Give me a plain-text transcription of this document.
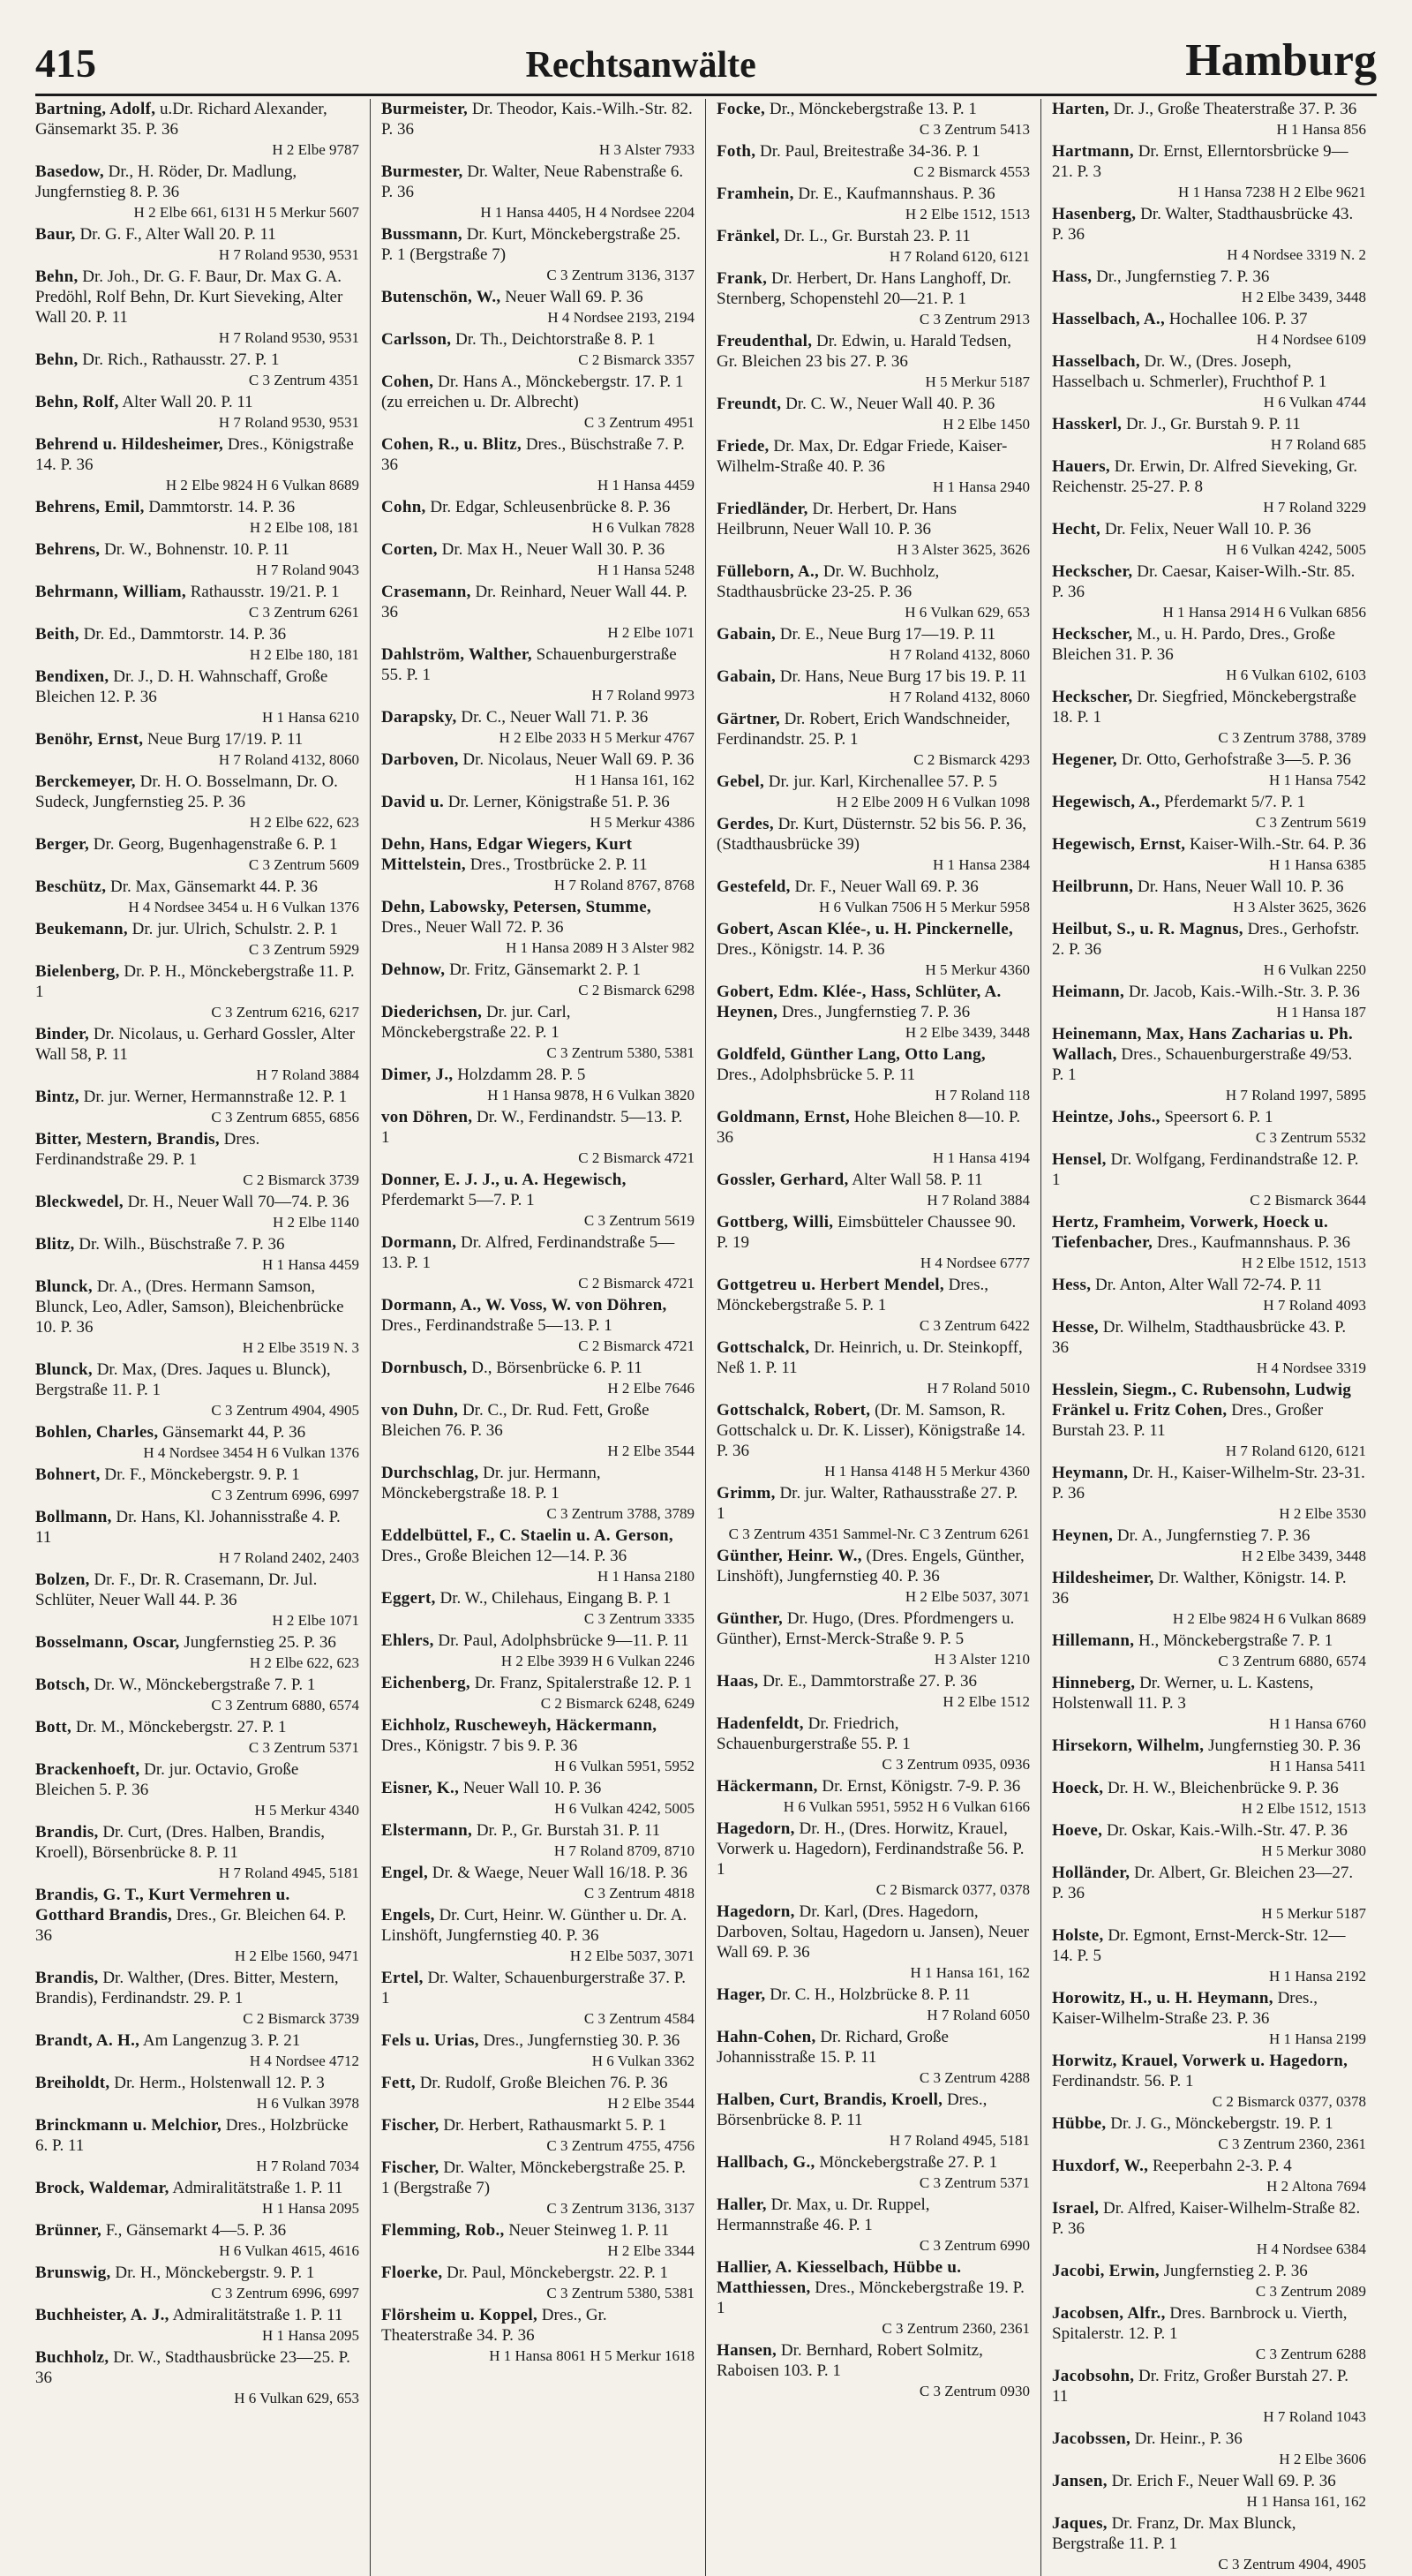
415	Rechtsanwälte	Hamburg
Bartning, Adolf, u.Dr. Richard Alexander, Gänsemarkt 35. P. 36
H 2 Elbe 9787
Basedow, Dr., H. Röder, Dr. Madlung, Jungfernstieg 8. P. 36
H 2 Elbe 661, 6131 H 5 Merkur 5607
Baur, Dr. G. F., Alter Wall 20. P. 11
H 7 Roland 9530, 9531
Behn, Dr. Joh., Dr. G. F. Baur, Dr. Max G. A. Predöhl, Rolf Behn, Dr. Kurt Sieveking, Alter Wall 20. P. 11
H 7 Roland 9530, 9531
Behn, Dr. Rich., Rathausstr. 27. P. 1
C 3 Zentrum 4351
Behn, Rolf, Alter Wall 20. P. 11
H 7 Roland 9530, 9531
Behrend u. Hildesheimer, Dres., Königstraße 14. P. 36
H 2 Elbe 9824 H 6 Vulkan 8689
Behrens, Emil, Dammtorstr. 14. P. 36
H 2 Elbe 108, 181
Behrens, Dr. W., Bohnenstr. 10. P. 11
H 7 Roland 9043
Behrmann, William, Rathausstr. 19/21. P. 1
C 3 Zentrum 6261
Beith, Dr. Ed., Dammtorstr. 14. P. 36
H 2 Elbe 180, 181
Bendixen, Dr. J., D. H. Wahnschaff, Große Bleichen 12. P. 36
H 1 Hansa 6210
Benöhr, Ernst, Neue Burg 17/19. P. 11
H 7 Roland 4132, 8060
Berckemeyer, Dr. H. O. Bosselmann, Dr. O. Sudeck, Jungfernstieg 25. P. 36
H 2 Elbe 622, 623
Berger, Dr. Georg, Bugenhagenstraße 6. P. 1
C 3 Zentrum 5609
Beschütz, Dr. Max, Gänsemarkt 44. P. 36
H 4 Nordsee 3454 u. H 6 Vulkan 1376
Beukemann, Dr. jur. Ulrich, Schulstr. 2. P. 1
C 3 Zentrum 5929
Bielenberg, Dr. P. H., Mönckebergstraße 11. P. 1
C 3 Zentrum 6216, 6217
Binder, Dr. Nicolaus, u. Gerhard Gossler, Alter Wall 58, P. 11
H 7 Roland 3884
Bintz, Dr. jur. Werner, Hermannstraße 12. P. 1
C 3 Zentrum 6855, 6856
Bitter, Mestern, Brandis, Dres. Ferdinandstraße 29. P. 1
C 2 Bismarck 3739
Bleckwedel, Dr. H., Neuer Wall 70—74. P. 36
H 2 Elbe 1140
Blitz, Dr. Wilh., Büschstraße 7. P. 36
H 1 Hansa 4459
Blunck, Dr. A., (Dres. Hermann Samson, Blunck, Leo, Adler, Samson), Bleichenbrücke 10. P. 36
H 2 Elbe 3519 N. 3
Blunck, Dr. Max, (Dres. Jaques u. Blunck), Bergstraße 11. P. 1
C 3 Zentrum 4904, 4905
Bohlen, Charles, Gänsemarkt 44, P. 36
H 4 Nordsee 3454 H 6 Vulkan 1376
Bohnert, Dr. F., Mönckebergstr. 9. P. 1
C 3 Zentrum 6996, 6997
Bollmann, Dr. Hans, Kl. Johannisstraße 4. P. 11
H 7 Roland 2402, 2403
Bolzen, Dr. F., Dr. R. Crasemann, Dr. Jul. Schlüter, Neuer Wall 44. P. 36
H 2 Elbe 1071
Bosselmann, Oscar, Jungfernstieg 25. P. 36
H 2 Elbe 622, 623
Botsch, Dr. W., Mönckebergstraße 7. P. 1
C 3 Zentrum 6880, 6574
Bott, Dr. M., Mönckebergstr. 27. P. 1
C 3 Zentrum 5371
Brackenhoeft, Dr. jur. Octavio, Große Bleichen 5. P. 36
H 5 Merkur 4340
Brandis, Dr. Curt, (Dres. Halben, Brandis, Kroell), Börsenbrücke 8. P. 11
H 7 Roland 4945, 5181
Brandis, G. T., Kurt Vermehren u. Gotthard Brandis, Dres., Gr. Bleichen 64. P. 36
H 2 Elbe 1560, 9471
Brandis, Dr. Walther, (Dres. Bitter, Mestern, Brandis), Ferdinandstr. 29. P. 1
C 2 Bismarck 3739
Brandt, A. H., Am Langenzug 3. P. 21
H 4 Nordsee 4712
Breiholdt, Dr. Herm., Holstenwall 12. P. 3
H 6 Vulkan 3978
Brinckmann u. Melchior, Dres., Holzbrücke 6. P. 11
H 7 Roland 7034
Brock, Waldemar, Admiralitätstraße 1. P. 11
H 1 Hansa 2095
Brünner, F., Gänsemarkt 4—5. P. 36
H 6 Vulkan 4615, 4616
Brunswig, Dr. H., Mönckebergstr. 9. P. 1
C 3 Zentrum 6996, 6997
Buchheister, A. J., Admiralitätstraße 1. P. 11
H 1 Hansa 2095
Buchholz, Dr. W., Stadthausbrücke 23—25. P. 36
H 6 Vulkan 629, 653
Burmeister, Dr. Theodor, Kais.-Wilh.-Str. 82. P. 36
H 3 Alster 7933
Burmester, Dr. Walter, Neue Rabenstraße 6. P. 36
H 1 Hansa 4405, H 4 Nordsee 2204
Bussmann, Dr. Kurt, Mönckebergstraße 25. P. 1 (Bergstraße 7)
C 3 Zentrum 3136, 3137
Butenschön, W., Neuer Wall 69. P. 36
H 4 Nordsee 2193, 2194
Carlsson, Dr. Th., Deichtorstraße 8. P. 1
C 2 Bismarck 3357
Cohen, Dr. Hans A., Mönckebergstr. 17. P. 1 (zu erreichen u. Dr. Albrecht)
C 3 Zentrum 4951
Cohen, R., u. Blitz, Dres., Büschstraße 7. P. 36
H 1 Hansa 4459
Cohn, Dr. Edgar, Schleusenbrücke 8. P. 36
H 6 Vulkan 7828
Corten, Dr. Max H., Neuer Wall 30. P. 36
H 1 Hansa 5248
Crasemann, Dr. Reinhard, Neuer Wall 44. P. 36
H 2 Elbe 1071
Dahlström, Walther, Schauenburgerstraße 55. P. 1
H 7 Roland 9973
Darapsky, Dr. C., Neuer Wall 71. P. 36
H 2 Elbe 2033 H 5 Merkur 4767
Darboven, Dr. Nicolaus, Neuer Wall 69. P. 36
H 1 Hansa 161, 162
David u. Dr. Lerner, Königstraße 51. P. 36
H 5 Merkur 4386
Dehn, Hans, Edgar Wiegers, Kurt Mittelstein, Dres., Trostbrücke 2. P. 11
H 7 Roland 8767, 8768
Dehn, Labowsky, Petersen, Stumme, Dres., Neuer Wall 72. P. 36
H 1 Hansa 2089 H 3 Alster 982
Dehnow, Dr. Fritz, Gänsemarkt 2. P. 1
C 2 Bismarck 6298
Diederichsen, Dr. jur. Carl, Mönckebergstraße 22. P. 1
C 3 Zentrum 5380, 5381
Dimer, J., Holzdamm 28. P. 5
H 1 Hansa 9878, H 6 Vulkan 3820
von Döhren, Dr. W., Ferdinandstr. 5—13. P. 1
C 2 Bismarck 4721
Donner, E. J. J., u. A. Hegewisch, Pferdemarkt 5—7. P. 1
C 3 Zentrum 5619
Dormann, Dr. Alfred, Ferdinandstraße 5—13. P. 1
C 2 Bismarck 4721
Dormann, A., W. Voss, W. von Döhren, Dres., Ferdinandstraße 5—13. P. 1
C 2 Bismarck 4721
Dornbusch, D., Börsenbrücke 6. P. 11
H 2 Elbe 7646
von Duhn, Dr. C., Dr. Rud. Fett, Große Bleichen 76. P. 36
H 2 Elbe 3544
Durchschlag, Dr. jur. Hermann, Mönckebergstraße 18. P. 1
C 3 Zentrum 3788, 3789
Eddelbüttel, F., C. Staelin u. A. Gerson, Dres., Große Bleichen 12—14. P. 36
H 1 Hansa 2180
Eggert, Dr. W., Chilehaus, Eingang B. P. 1
C 3 Zentrum 3335
Ehlers, Dr. Paul, Adolphsbrücke 9—11. P. 11
H 2 Elbe 3939 H 6 Vulkan 2246
Eichenberg, Dr. Franz, Spitalerstraße 12. P. 1
C 2 Bismarck 6248, 6249
Eichholz, Ruscheweyh, Häckermann, Dres., Königstr. 7 bis 9. P. 36
H 6 Vulkan 5951, 5952
Eisner, K., Neuer Wall 10. P. 36
H 6 Vulkan 4242, 5005
Elstermann, Dr. P., Gr. Burstah 31. P. 11
H 7 Roland 8709, 8710
Engel, Dr. & Waege, Neuer Wall 16/18. P. 36
C 3 Zentrum 4818
Engels, Dr. Curt, Heinr. W. Günther u. Dr. A. Linshöft, Jungfernstieg 40. P. 36
H 2 Elbe 5037, 3071
Ertel, Dr. Walter, Schauenburgerstraße 37. P. 1
C 3 Zentrum 4584
Fels u. Urias, Dres., Jungfernstieg 30. P. 36
H 6 Vulkan 3362
Fett, Dr. Rudolf, Große Bleichen 76. P. 36
H 2 Elbe 3544
Fischer, Dr. Herbert, Rathausmarkt 5. P. 1
C 3 Zentrum 4755, 4756
Fischer, Dr. Walter, Mönckebergstraße 25. P. 1 (Bergstraße 7)
C 3 Zentrum 3136, 3137
Flemming, Rob., Neuer Steinweg 1. P. 11
H 2 Elbe 3344
Floerke, Dr. Paul, Mönckebergstr. 22. P. 1
C 3 Zentrum 5380, 5381
Flörsheim u. Koppel, Dres., Gr. Theaterstraße 34. P. 36
H 1 Hansa 8061 H 5 Merkur 1618
Focke, Dr., Mönckebergstraße 13. P. 1
C 3 Zentrum 5413
Foth, Dr. Paul, Breitestraße 34-36. P. 1
C 2 Bismarck 4553
Framhein, Dr. E., Kaufmannshaus. P. 36
H 2 Elbe 1512, 1513
Fränkel, Dr. L., Gr. Burstah 23. P. 11
H 7 Roland 6120, 6121
Frank, Dr. Herbert, Dr. Hans Langhoff, Dr. Sternberg, Schopenstehl 20—21. P. 1
C 3 Zentrum 2913
Freudenthal, Dr. Edwin, u. Harald Tedsen, Gr. Bleichen 23 bis 27. P. 36
H 5 Merkur 5187
Freundt, Dr. C. W., Neuer Wall 40. P. 36
H 2 Elbe 1450
Friede, Dr. Max, Dr. Edgar Friede, Kaiser-Wilhelm-Straße 40. P. 36
H 1 Hansa 2940
Friedländer, Dr. Herbert, Dr. Hans Heilbrunn, Neuer Wall 10. P. 36
H 3 Alster 3625, 3626
Fülleborn, A., Dr. W. Buchholz, Stadthausbrücke 23-25. P. 36
H 6 Vulkan 629, 653
Gabain, Dr. E., Neue Burg 17—19. P. 11
H 7 Roland 4132, 8060
Gabain, Dr. Hans, Neue Burg 17 bis 19. P. 11
H 7 Roland 4132, 8060
Gärtner, Dr. Robert, Erich Wandschneider, Ferdinandstr. 25. P. 1
C 2 Bismarck 4293
Gebel, Dr. jur. Karl, Kirchenallee 57. P. 5
H 2 Elbe 2009 H 6 Vulkan 1098
Gerdes, Dr. Kurt, Düsternstr. 52 bis 56. P. 36, (Stadthausbrücke 39)
H 1 Hansa 2384
Gestefeld, Dr. F., Neuer Wall 69. P. 36
H 6 Vulkan 7506 H 5 Merkur 5958
Gobert, Ascan Klée-, u. H. Pinckernelle, Dres., Königstr. 14. P. 36
H 5 Merkur 4360
Gobert, Edm. Klée-, Hass, Schlüter, A. Heynen, Dres., Jungfernstieg 7. P. 36
H 2 Elbe 3439, 3448
Goldfeld, Günther Lang, Otto Lang, Dres., Adolphsbrücke 5. P. 11
H 7 Roland 118
Goldmann, Ernst, Hohe Bleichen 8—10. P. 36
H 1 Hansa 4194
Gossler, Gerhard, Alter Wall 58. P. 11
H 7 Roland 3884
Gottberg, Willi, Eimsbütteler Chaussee 90. P. 19
H 4 Nordsee 6777
Gottgetreu u. Herbert Mendel, Dres., Mönckebergstraße 5. P. 1
C 3 Zentrum 6422
Gottschalck, Dr. Heinrich, u. Dr. Steinkopff, Neß 1. P. 11
H 7 Roland 5010
Gottschalck, Robert, (Dr. M. Samson, R. Gottschalck u. Dr. K. Lisser), Königstraße 14. P. 36
H 1 Hansa 4148 H 5 Merkur 4360
Grimm, Dr. jur. Walter, Rathausstraße 27. P. 1
C 3 Zentrum 4351 Sammel-Nr. C 3 Zentrum 6261
Günther, Heinr. W., (Dres. Engels, Günther, Linshöft), Jungfernstieg 40. P. 36
H 2 Elbe 5037, 3071
Günther, Dr. Hugo, (Dres. Pfordmengers u. Günther), Ernst-Merck-Straße 9. P. 5
H 3 Alster 1210
Haas, Dr. E., Dammtorstraße 27. P. 36
H 2 Elbe 1512
Hadenfeldt, Dr. Friedrich, Schauenburgerstraße 55. P. 1
C 3 Zentrum 0935, 0936
Häckermann, Dr. Ernst, Königstr. 7-9. P. 36
H 6 Vulkan 5951, 5952 H 6 Vulkan 6166
Hagedorn, Dr. H., (Dres. Horwitz, Krauel, Vorwerk u. Hagedorn), Ferdinandstraße 56. P. 1
C 2 Bismarck 0377, 0378
Hagedorn, Dr. Karl, (Dres. Hagedorn, Darboven, Soltau, Hagedorn u. Jansen), Neuer Wall 69. P. 36
H 1 Hansa 161, 162
Hager, Dr. C. H., Holzbrücke 8. P. 11
H 7 Roland 6050
Hahn-Cohen, Dr. Richard, Große Johannisstraße 15. P. 11
C 3 Zentrum 4288
Halben, Curt, Brandis, Kroell, Dres., Börsenbrücke 8. P. 11
H 7 Roland 4945, 5181
Hallbach, G., Mönckebergstraße 27. P. 1
C 3 Zentrum 5371
Haller, Dr. Max, u. Dr. Ruppel, Hermannstraße 46. P. 1
C 3 Zentrum 6990
Hallier, A. Kiesselbach, Hübbe u. Matthiessen, Dres., Mönckebergstraße 19. P. 1
C 3 Zentrum 2360, 2361
Hansen, Dr. Bernhard, Robert Solmitz, Raboisen 103. P. 1
C 3 Zentrum 0930
Harten, Dr. J., Große Theaterstraße 37. P. 36
H 1 Hansa 856
Hartmann, Dr. Ernst, Ellerntorsbrücke 9—21. P. 3
H 1 Hansa 7238 H 2 Elbe 9621
Hasenberg, Dr. Walter, Stadthausbrücke 43. P. 36
H 4 Nordsee 3319 N. 2
Hass, Dr., Jungfernstieg 7. P. 36
H 2 Elbe 3439, 3448
Hasselbach, A., Hochallee 106. P. 37
H 4 Nordsee 6109
Hasselbach, Dr. W., (Dres. Joseph, Hasselbach u. Schmerler), Fruchthof P. 1
H 6 Vulkan 4744
Hasskerl, Dr. J., Gr. Burstah 9. P. 11
H 7 Roland 685
Hauers, Dr. Erwin, Dr. Alfred Sieveking, Gr. Reichenstr. 25-27. P. 8
H 7 Roland 3229
Hecht, Dr. Felix, Neuer Wall 10. P. 36
H 6 Vulkan 4242, 5005
Heckscher, Dr. Caesar, Kaiser-Wilh.-Str. 85. P. 36
H 1 Hansa 2914 H 6 Vulkan 6856
Heckscher, M., u. H. Pardo, Dres., Große Bleichen 31. P. 36
H 6 Vulkan 6102, 6103
Heckscher, Dr. Siegfried, Mönckebergstraße 18. P. 1
C 3 Zentrum 3788, 3789
Hegener, Dr. Otto, Gerhofstraße 3—5. P. 36
H 1 Hansa 7542
Hegewisch, A., Pferdemarkt 5/7. P. 1
C 3 Zentrum 5619
Hegewisch, Ernst, Kaiser-Wilh.-Str. 64. P. 36
H 1 Hansa 6385
Heilbrunn, Dr. Hans, Neuer Wall 10. P. 36
H 3 Alster 3625, 3626
Heilbut, S., u. R. Magnus, Dres., Gerhofstr. 2. P. 36
H 6 Vulkan 2250
Heimann, Dr. Jacob, Kais.-Wilh.-Str. 3. P. 36
H 1 Hansa 187
Heinemann, Max, Hans Zacharias u. Ph. Wallach, Dres., Schauenburgerstraße 49/53. P. 1
H 7 Roland 1997, 5895
Heintze, Johs., Speersort 6. P. 1
C 3 Zentrum 5532
Hensel, Dr. Wolfgang, Ferdinandstraße 12. P. 1
C 2 Bismarck 3644
Hertz, Framheim, Vorwerk, Hoeck u. Tiefenbacher, Dres., Kaufmannshaus. P. 36
H 2 Elbe 1512, 1513
Hess, Dr. Anton, Alter Wall 72-74. P. 11
H 7 Roland 4093
Hesse, Dr. Wilhelm, Stadthausbrücke 43. P. 36
H 4 Nordsee 3319
Hesslein, Siegm., C. Rubensohn, Ludwig Fränkel u. Fritz Cohen, Dres., Großer Burstah 23. P. 11
H 7 Roland 6120, 6121
Heymann, Dr. H., Kaiser-Wilhelm-Str. 23-31. P. 36
H 2 Elbe 3530
Heynen, Dr. A., Jungfernstieg 7. P. 36
H 2 Elbe 3439, 3448
Hildesheimer, Dr. Walther, Königstr. 14. P. 36
H 2 Elbe 9824 H 6 Vulkan 8689
Hillemann, H., Mönckebergstraße 7. P. 1
C 3 Zentrum 6880, 6574
Hinneberg, Dr. Werner, u. L. Kastens, Holstenwall 11. P. 3
H 1 Hansa 6760
Hirsekorn, Wilhelm, Jungfernstieg 30. P. 36
H 1 Hansa 5411
Hoeck, Dr. H. W., Bleichenbrücke 9. P. 36
H 2 Elbe 1512, 1513
Hoeve, Dr. Oskar, Kais.-Wilh.-Str. 47. P. 36
H 5 Merkur 3080
Holländer, Dr. Albert, Gr. Bleichen 23—27. P. 36
H 5 Merkur 5187
Holste, Dr. Egmont, Ernst-Merck-Str. 12—14. P. 5
H 1 Hansa 2192
Horowitz, H., u. H. Heymann, Dres., Kaiser-Wilhelm-Straße 23. P. 36
H 1 Hansa 2199
Horwitz, Krauel, Vorwerk u. Hagedorn, Ferdinandstr. 56. P. 1
C 2 Bismarck 0377, 0378
Hübbe, Dr. J. G., Mönckebergstr. 19. P. 1
C 3 Zentrum 2360, 2361
Huxdorf, W., Reeperbahn 2-3. P. 4
H 2 Altona 7694
Israel, Dr. Alfred, Kaiser-Wilhelm-Straße 82. P. 36
H 4 Nordsee 6384
Jacobi, Erwin, Jungfernstieg 2. P. 36
C 3 Zentrum 2089
Jacobsen, Alfr., Dres. Barnbrock u. Vierth, Spitalerstr. 12. P. 1
C 3 Zentrum 6288
Jacobsohn, Dr. Fritz, Großer Burstah 27. P. 11
H 7 Roland 1043
Jacobssen, Dr. Heinr., P. 36
H 2 Elbe 3606
Jansen, Dr. Erich F., Neuer Wall 69. P. 36
H 1 Hansa 161, 162
Jaques, Dr. Franz, Dr. Max Blunck, Bergstraße 11. P. 1
C 3 Zentrum 4904, 4905
